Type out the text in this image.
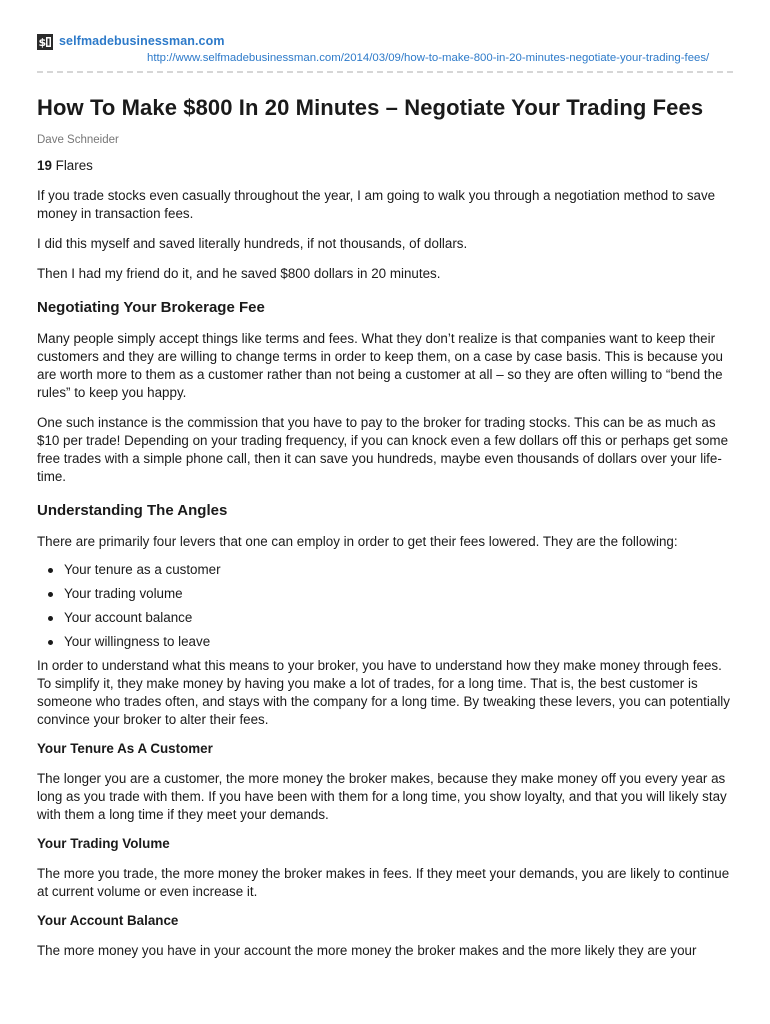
$ selfmadebusinessman.com
http://www.selfmadebusinessman.com/2014/03/09/how-to-make-800-in-20-minutes-negotiate-your-trading-fees/
How To Make $800 In 20 Minutes – Negotiate Your Trading Fees
Dave Schneider

19 Flares

If you trade stocks even casually throughout the year, I am going to walk you through a negotiation method to save money in transaction fees.

I did this myself and saved literally hundreds, if not thousands, of dollars.

Then I had my friend do it, and he saved $800 dollars in 20 minutes.

Negotiating Your Brokerage Fee

Many people simply accept things like terms and fees. What they don’t realize is that companies want to keep their customers and they are willing to change terms in order to keep them, on a case by case basis. This is because you are worth more to them as a customer rather than not being a customer at all – so they are often willing to “bend the rules” to keep you happy.

One such instance is the commission that you have to pay to the broker for trading stocks. This can be as much as $10 per trade! Depending on your trading frequency, if you can knock even a few dollars off this or perhaps get some free trades with a simple phone call, then it can save you hundreds, maybe even thousands of dollars over your life-time.

Understanding The Angles

There are primarily four levers that one can employ in order to get their fees lowered. They are the following:

Your tenure as a customer
Your trading volume
Your account balance
Your willingness to leave

In order to understand what this means to your broker, you have to understand how they make money through fees. To simplify it, they make money by having you make a lot of trades, for a long time. That is, the best customer is someone who trades often, and stays with the company for a long time. By tweaking these levers, you can potentially convince your broker to alter their fees.

Your Tenure As A Customer

The longer you are a customer, the more money the broker makes, because they make money off you every year as long as you trade with them. If you have been with them for a long time, you show loyalty, and that you will likely stay with them a long time if they meet your demands.

Your Trading Volume

The more you trade, the more money the broker makes in fees. If they meet your demands, you are likely to continue at current volume or even increase it.

Your Account Balance

The more money you have in your account the more money the broker makes and the more likely they are your
